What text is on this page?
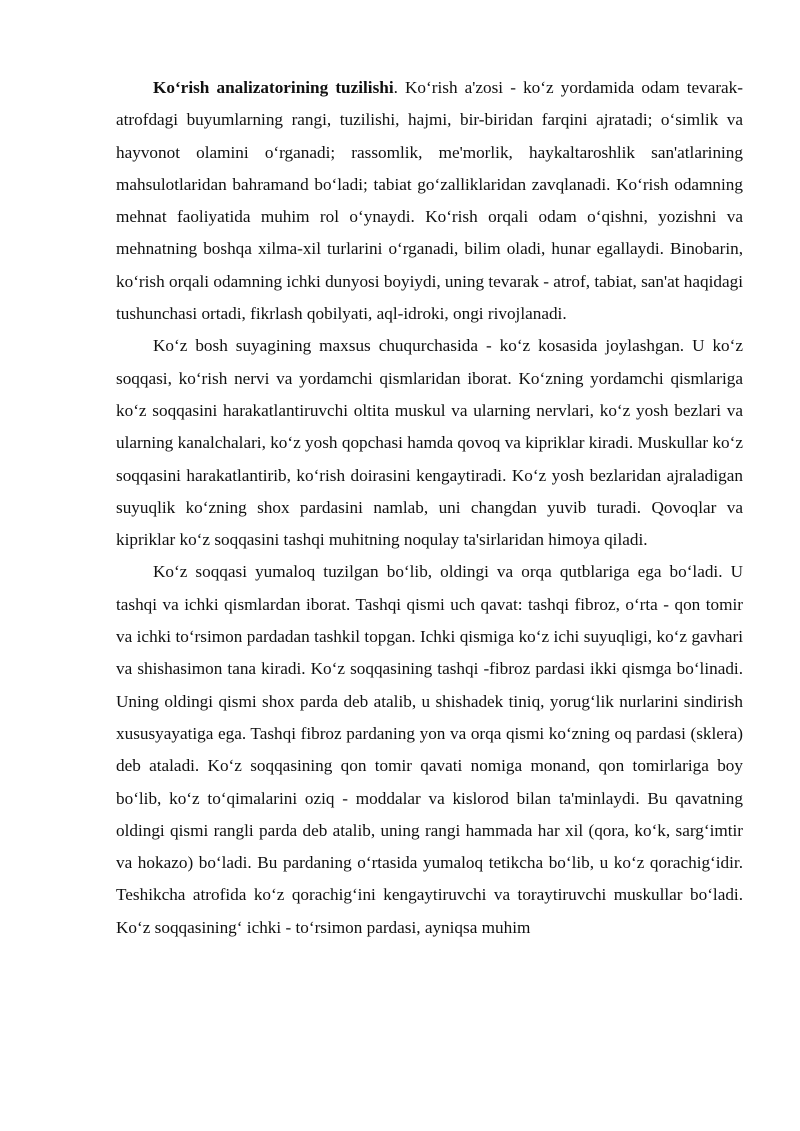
Ko‘rish analizatorining tuzilishi. Ko‘rish a'zosi - ko‘z yordamida odam tevarak-atrofdagi buyumlarning rangi, tuzilishi, hajmi, bir-biridan farqini ajratadi; o‘simlik va hayvonot olamini o‘rganadi; rassomlik, me'morlik, haykaltaroshlik san'atlarining mahsulotlaridan bahramand bo‘ladi; tabiat go‘zalliklaridan zavqlanadi. Ko‘rish odamning mehnat faoliyatida muhim rol o‘ynaydi. Ko‘rish orqali odam o‘qishni, yozishni va mehnatning boshqa xilma-xil turlarini o‘rganadi, bilim oladi, hunar egallaydi. Binobarin, ko‘rish orqali odamning ichki dunyosi boyiydi, uning tevarak - atrof, tabiat, san'at haqidagi tushunchasi ortadi, fikrlash qobilyati, aql-idroki, ongi rivojlanadi.

Ko‘z bosh suyagining maxsus chuqurchasida - ko‘z kosasida joylashgan. U ko‘z soqqasi, ko‘rish nervi va yordamchi qismlaridan iborat. Ko‘zning yordamchi qismlariga ko‘z soqqasini harakatlantiruvchi oltita muskul va ularning nervlari, ko‘z yosh bezlari va ularning kanalchalari, ko‘z yosh qopchasi hamda qovoq va kipriklar kiradi. Muskullar ko‘z soqqasini harakatlantirib, ko‘rish doirasini kengaytiradi. Ko‘z yosh bezlaridan ajraladigan suyuqlik ko‘zning shox pardasini namlab, uni changdan yuvib turadi. Qovoqlar va kipriklar ko‘z soqqasini tashqi muhitning noqulay ta'sirlaridan himoya qiladi.

Ko‘z soqqasi yumaloq tuzilgan bo‘lib, oldingi va orqa qutblariga ega bo‘ladi. U tashqi va ichki qismlardan iborat. Tashqi qismi uch qavat: tashqi fibroz, o‘rta - qon tomir va ichki to‘rsimon pardadan tashkil topgan. Ichki qismiga ko‘z ichi suyuqligi, ko‘z gavhari va shishasimon tana kiradi. Ko‘z soqqasining tashqi -fibroz pardasi ikki qismga bo‘linadi. Uning oldingi qismi shox parda deb atalib, u shishadek tiniq, yorug‘lik nurlarini sindirish xususyayatiga ega. Tashqi fibroz pardaning yon va orqa qismi ko‘zning oq pardasi (sklera) deb ataladi. Ko‘z soqqasining qon tomir qavati nomiga monand, qon tomirlariga boy bo‘lib, ko‘z to‘qimalarini oziq - moddalar va kislorod bilan ta'minlaydi. Bu qavatning oldingi qismi rangli parda deb atalib, uning rangi hammada har xil (qora, ko‘k, sarg‘imtir va hokazo) bo‘ladi. Bu pardaning o‘rtasida yumaloq tetikcha bo‘lib, u ko‘z qorachig‘idir. Teshikcha atrofida ko‘z qorachig‘ini kengaytiruvchi va toraytiruvchi muskullar bo‘ladi. Ko‘z soqqasining‘ ichki - to‘rsimon pardasi, ayniqsa muhim
